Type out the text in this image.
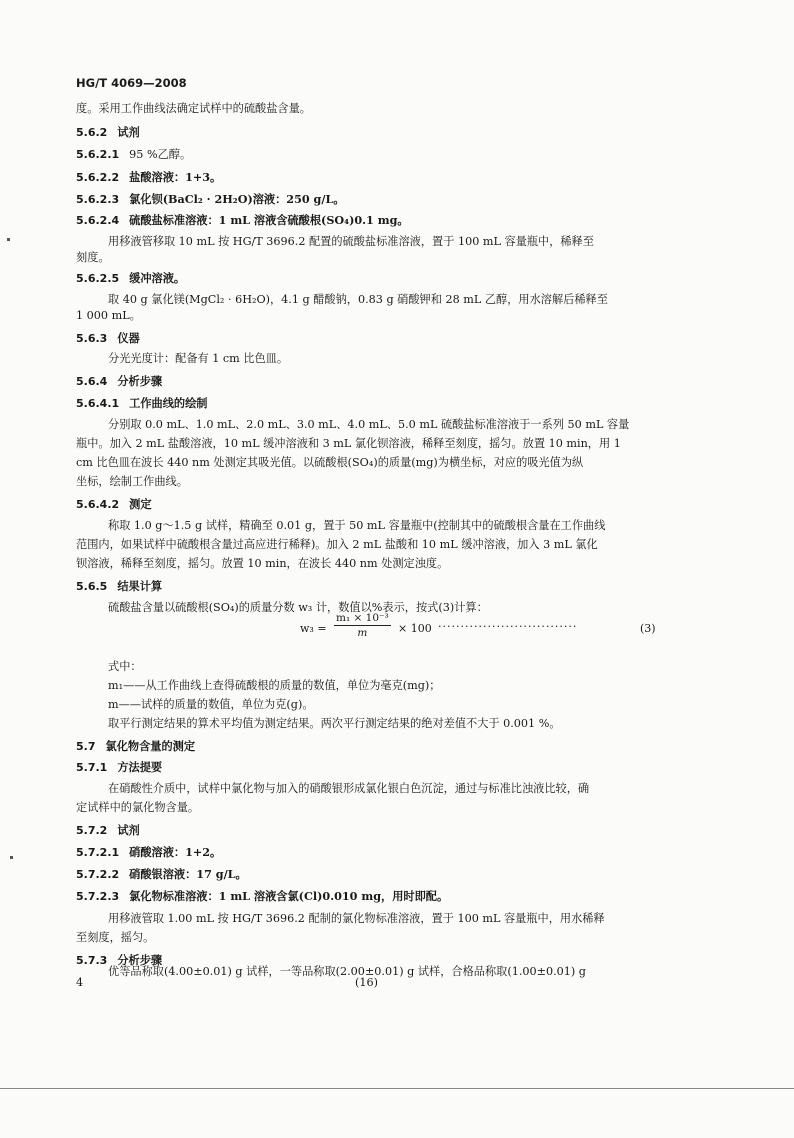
HG/T 4069—2008
度。采用工作曲线法确定试样中的硫酸盐含量。
5.6.2 试剂
5.6.2.1 95 %乙醇。
5.6.2.2 盐酸溶液：1+3。
5.6.2.3 氯化钡(BaCl₂ · 2H₂O)溶液：250 g/L。
5.6.2.4 硫酸盐标准溶液：1 mL 溶液含硫酸根(SO₄)0.1 mg。
用移液管移取 10 mL 按 HG/T 3696.2 配置的硫酸盐标准溶液，置于 100 mL 容量瓶中，稀释至
刻度。
5.6.2.5 缓冲溶液。
取 40 g 氯化镁(MgCl₂ · 6H₂O)，4.1 g 醋酸钠，0.83 g 硝酸钾和 28 mL 乙醇，用水溶解后稀释至
1 000 mL。
5.6.3 仪器
分光光度计：配备有 1 cm 比色皿。
5.6.4 分析步骤
5.6.4.1 工作曲线的绘制
分别取 0.0 mL、1.0 mL、2.0 mL、3.0 mL、4.0 mL、5.0 mL 硫酸盐标准溶液于一系列 50 mL 容量
瓶中。加入 2 mL 盐酸溶液，10 mL 缓冲溶液和 3 mL 氯化钡溶液，稀释至刻度，摇匀。放置 10 min，用 1
cm 比色皿在波长 440 nm 处测定其吸光值。以硫酸根(SO₄)的质量(mg)为横坐标，对应的吸光值为纵
坐标，绘制工作曲线。
5.6.4.2 测定
称取 1.0 g～1.5 g 试样，精确至 0.01 g，置于 50 mL 容量瓶中(控制其中的硫酸根含量在工作曲线
范围内，如果试样中硫酸根含量过高应进行稀释)。加入 2 mL 盐酸和 10 mL 缓冲溶液，加入 3 mL 氯化
钡溶液，稀释至刻度，摇匀。放置 10 min，在波长 440 nm 处测定浊度。
5.6.5 结果计算
硫酸盐含量以硫酸根(SO₄)的质量分数 w₃ 计，数值以%表示，按式(3)计算：
式中：
m₁——从工作曲线上查得硫酸根的质量的数值，单位为毫克(mg)；
m——试样的质量的数值，单位为克(g)。
取平行测定结果的算术平均值为测定结果。两次平行测定结果的绝对差值不大于 0.001 %。
5.7 氯化物含量的测定
5.7.1 方法提要
在硝酸性介质中，试样中氯化物与加入的硝酸银形成氯化银白色沉淀，通过与标准比浊液比较，确
定试样中的氯化物含量。
5.7.2 试剂
5.7.2.1 硝酸溶液：1+2。
5.7.2.2 硝酸银溶液：17 g/L。
5.7.2.3 氯化物标准溶液：1 mL 溶液含氯(Cl)0.010 mg，用时即配。
用移液管取 1.00 mL 按 HG/T 3696.2 配制的氯化物标准溶液，置于 100 mL 容量瓶中，用水稀释
至刻度，摇匀。
5.7.3 分析步骤
优等品称取(4.00±0.01) g 试样，一等品称取(2.00±0.01) g 试样，合格品称取(1.00±0.01) g
w₃ =
m₁ × 10⁻³
m	× 100 ·······························	(3)
4	(16)
